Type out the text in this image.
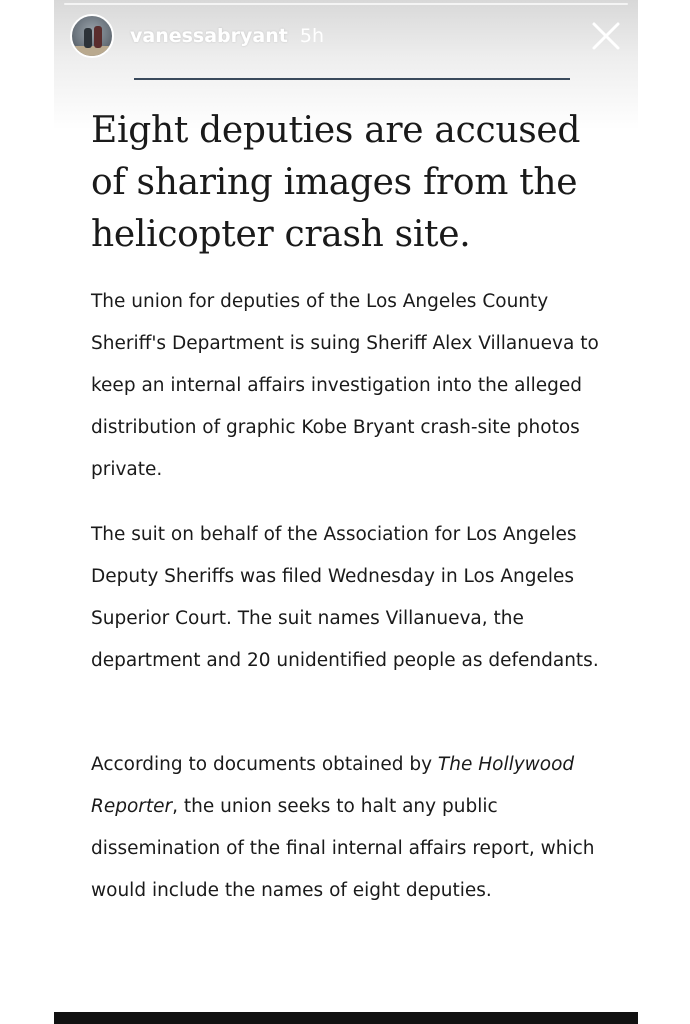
vanessabryant 5h
Eight deputies are accused of sharing images from the helicopter crash site.

The union for deputies of the Los Angeles County Sheriff's Department is suing Sheriff Alex Villanueva to keep an internal affairs investigation into the alleged distribution of graphic Kobe Bryant crash-site photos private.

The suit on behalf of the Association for Los Angeles Deputy Sheriffs was filed Wednesday in Los Angeles Superior Court. The suit names Villanueva, the department and 20 unidentified people as defendants.

According to documents obtained by The Hollywood Reporter, the union seeks to halt any public dissemination of the final internal affairs report, which would include the names of eight deputies.
